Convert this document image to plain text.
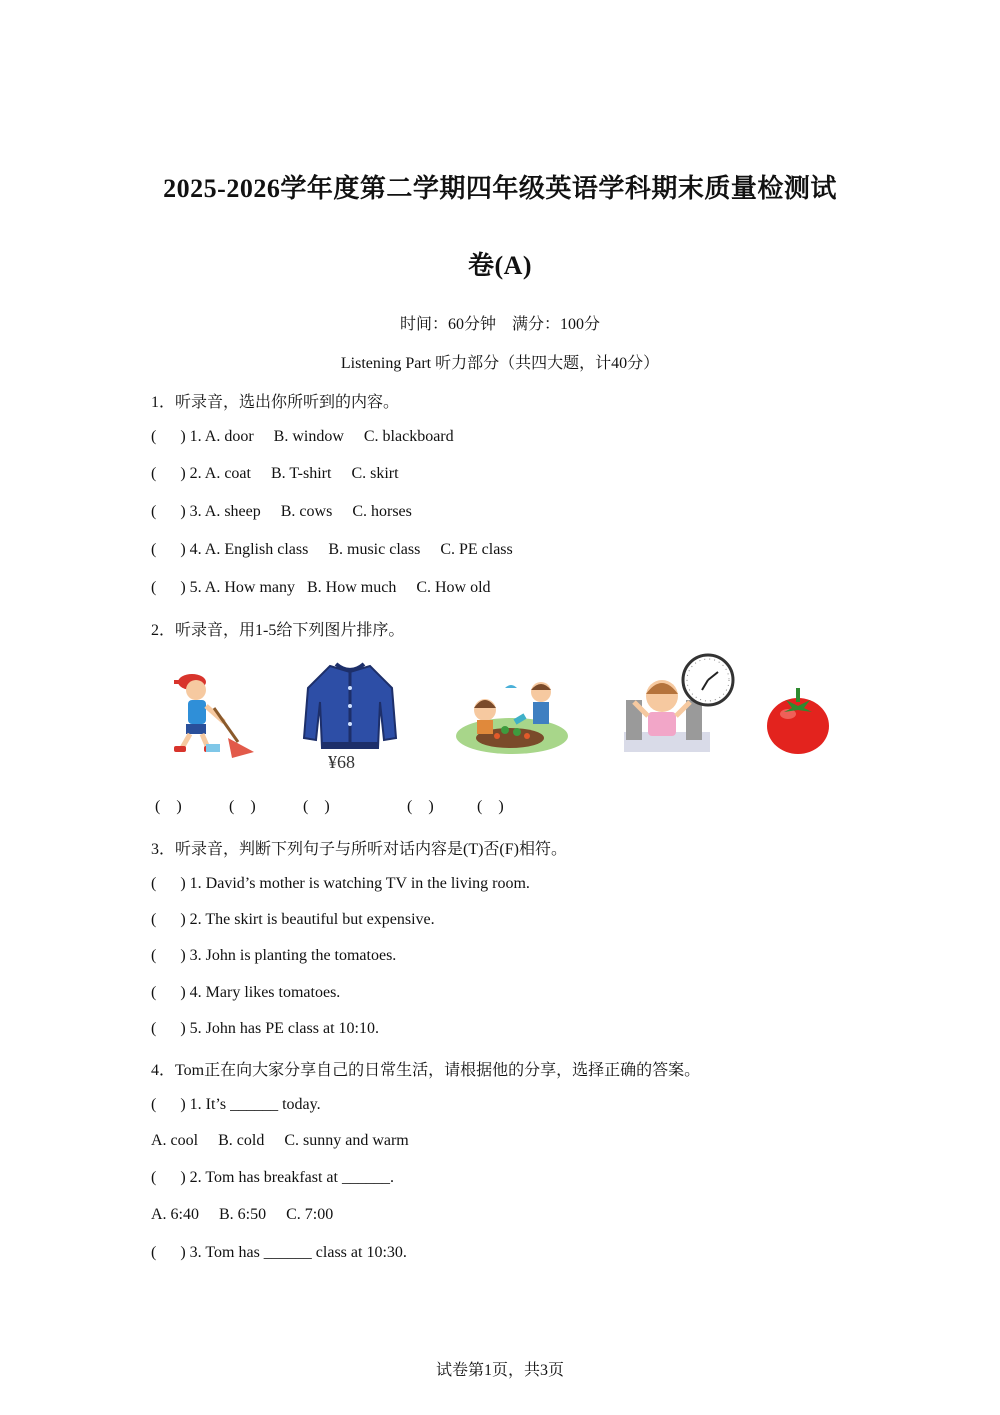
2025-2026学年度第二学期四年级英语学科期末质量检测试
卷(A)
时间：60分钟　满分：100分
Listening Part 听力部分（共四大题，计40分）
1．听录音，选出你所听到的内容。
(      ) 1. A. door     B. window     C. blackboard
(      ) 2. A. coat     B. T-shirt     C. skirt
(      ) 3. A. sheep     B. cows     C. horses
(      ) 4. A. English class     B. music class     C. PE class
(      ) 5. A. How many   B. How much     C. How old
2．听录音，用1-5给下列图片排序。
¥68
(    )	(    )	(    )	(    )	(    )
3．听录音，判断下列句子与所听对话内容是(T)否(F)相符。
(      ) 1. David’s mother is watching TV in the living room.
(      ) 2. The skirt is beautiful but expensive.
(      ) 3. John is planting the tomatoes.
(      ) 4. Mary likes tomatoes.
(      ) 5. John has PE class at 10:10.
4．Tom正在向大家分享自己的日常生活，请根据他的分享，选择正确的答案。
(      ) 1. It’s ______ today.
A. cool     B. cold     C. sunny and warm
(      ) 2. Tom has breakfast at ______.
A. 6:40     B. 6:50     C. 7:00
(      ) 3. Tom has ______ class at 10:30.
试卷第1页，共3页
